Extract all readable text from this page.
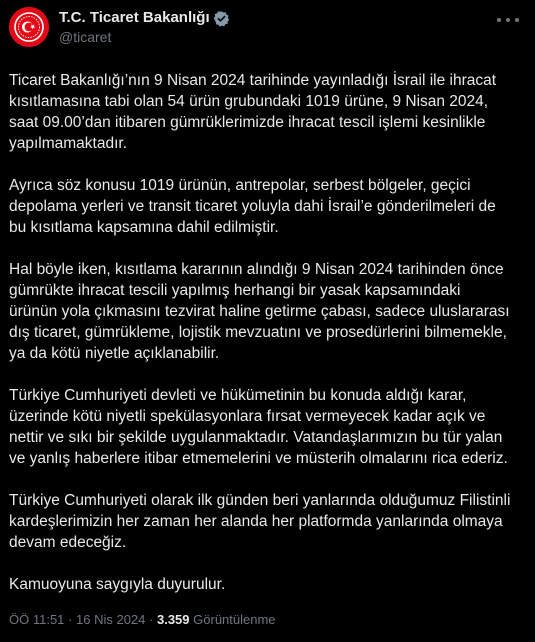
T.C. Ticaret Bakanlığı
@ticaret

Ticaret Bakanlığı’nın 9 Nisan 2024 tarihinde yayınladığı İsrail ile ihracat
kısıtlamasına tabi olan 54 ürün grubundaki 1019 ürüne, 9 Nisan 2024,
saat 09.00’dan itibaren gümrüklerimizde ihracat tescil işlemi kesinlikle
yapılmamaktadır.

Ayrıca söz konusu 1019 ürünün, antrepolar, serbest bölgeler, geçici
depolama yerleri ve transit ticaret yoluyla dahi İsrail’e gönderilmeleri de
bu kısıtlama kapsamına dahil edilmiştir.

Hal böyle iken, kısıtlama kararının alındığı 9 Nisan 2024 tarihinden önce
gümrükte ihracat tescili yapılmış herhangi bir yasak kapsamındaki
ürünün yola çıkmasını tezvirat haline getirme çabası, sadece uluslararası
dış ticaret, gümrükleme, lojistik mevzuatını ve prosedürlerini bilmemekle,
ya da kötü niyetle açıklanabilir.

Türkiye Cumhuriyeti devleti ve hükümetinin bu konuda aldığı karar,
üzerinde kötü niyetli spekülasyonlara fırsat vermeyecek kadar açık ve
nettir ve sıkı bir şekilde uygulanmaktadır. Vatandaşlarımızın bu tür yalan
ve yanlış haberlere itibar etmemelerini ve müsterih olmalarını rica ederiz.

Türkiye Cumhuriyeti olarak ilk günden beri yanlarında olduğumuz Filistinli
kardeşlerimizin her zaman her alanda her platformda yanlarında olmaya
devam edeceğiz.

Kamuoyuna saygıyla duyurulur.

ÖÖ 11:51 · 16 Nis 2024 · 3.359 Görüntülenme
